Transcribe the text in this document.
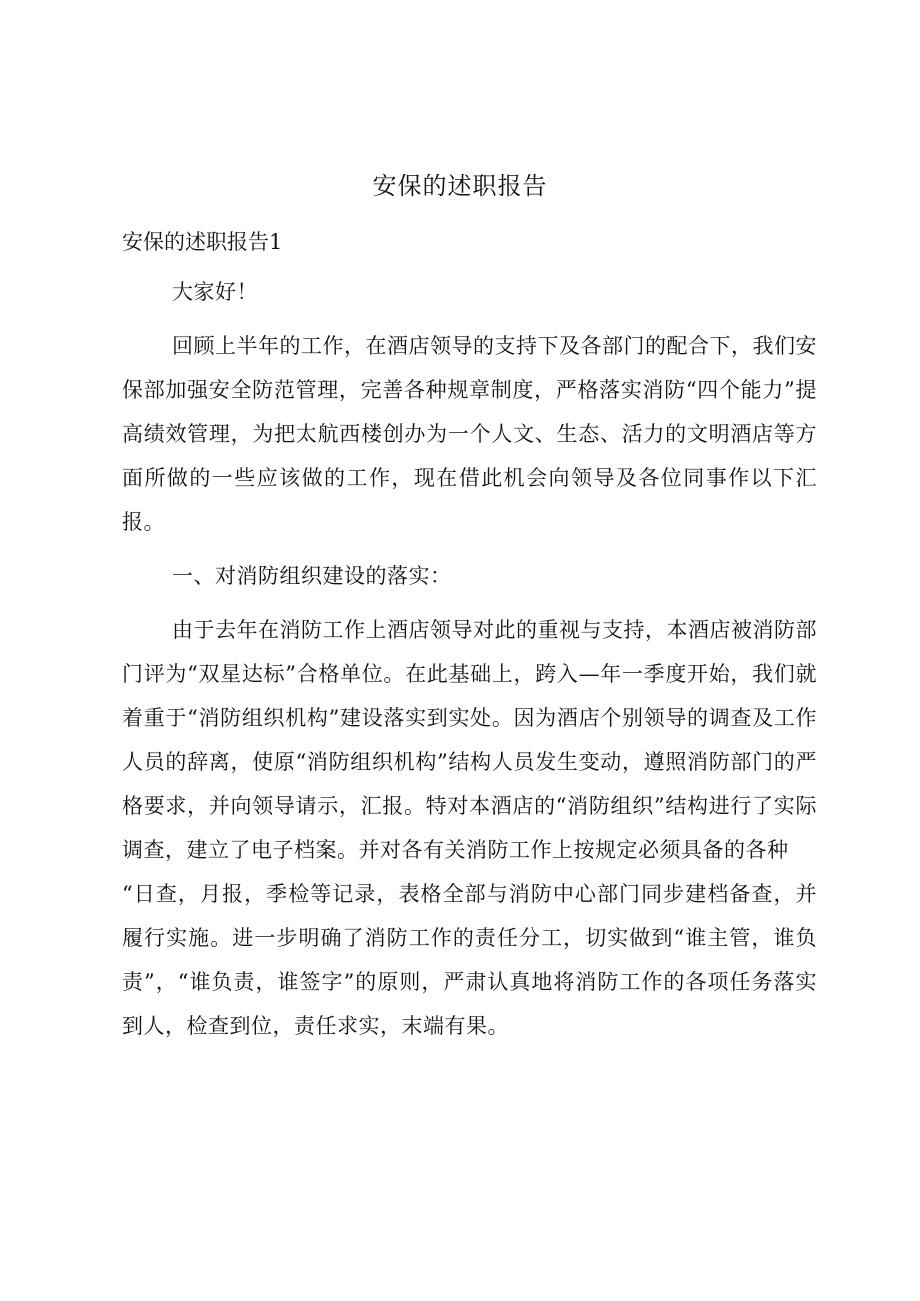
安保的述职报告
安保的述职报告1

大家好！

回顾上半年的工作，在酒店领导的支持下及各部门的配合下，我们安保部加强安全防范管理，完善各种规章制度，严格落实消防“四个能力”提高绩效管理，为把太航西楼创办为一个人文、生态、活力的文明酒店等方面所做的一些应该做的工作，现在借此机会向领导及各位同事作以下汇报。

一、对消防组织建设的落实：

由于去年在消防工作上酒店领导对此的重视与支持，本酒店被消防部门评为“双星达标”合格单位。在此基础上，跨入—年一季度开始，我们就着重于“消防组织机构”建设落实到实处。因为酒店个别领导的调查及工作人员的辞离，使原“消防组织机构”结构人员发生变动，遵照消防部门的严格要求，并向领导请示，汇报。特对本酒店的“消防组织”结构进行了实际调查，建立了电子档案。并对各有关消防工作上按规定必须具备的各种

“日查，月报，季检等记录，表格全部与消防中心部门同步建档备查，并履行实施。进一步明确了消防工作的责任分工，切实做到“谁主管，谁负责”，“谁负责，谁签字”的原则，严肃认真地将消防工作的各项任务落实到人，检查到位，责任求实，末端有果。
